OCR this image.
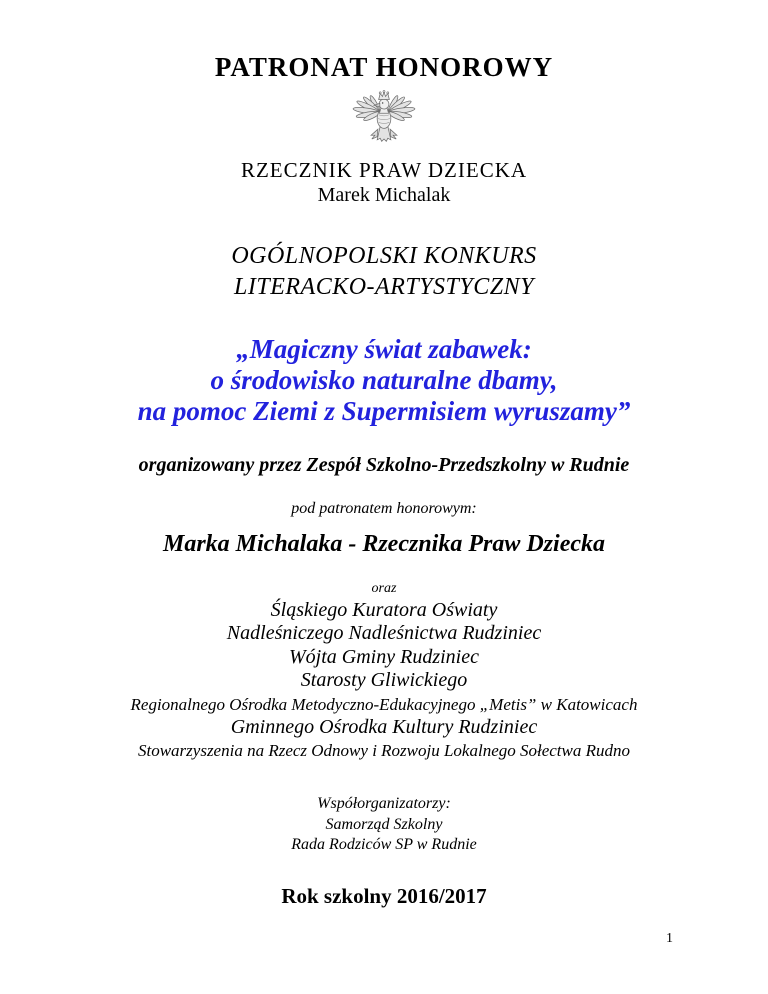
PATRONAT HONOROWY
RZECZNIK PRAW DZIECKA
Marek Michalak
OGÓLNOPOLSKI KONKURS
LITERACKO-ARTYSTYCZNY
„Magiczny świat zabawek:
o środowisko naturalne dbamy,
na pomoc Ziemi z Supermisiem wyruszamy”
organizowany przez Zespół Szkolno-Przedszkolny w Rudnie
pod patronatem honorowym:
Marka Michalaka - Rzecznika Praw Dziecka
oraz
Śląskiego Kuratora Oświaty
Nadleśniczego Nadleśnictwa Rudziniec
Wójta Gminy Rudziniec
Starosty Gliwickiego
Regionalnego Ośrodka Metodyczno-Edukacyjnego „Metis” w Katowicach
Gminnego Ośrodka Kultury Rudziniec
Stowarzyszenia na Rzecz Odnowy i Rozwoju Lokalnego Sołectwa Rudno
Współorganizatorzy:
Samorząd Szkolny
Rada Rodziców SP w Rudnie
Rok szkolny 2016/2017
1
